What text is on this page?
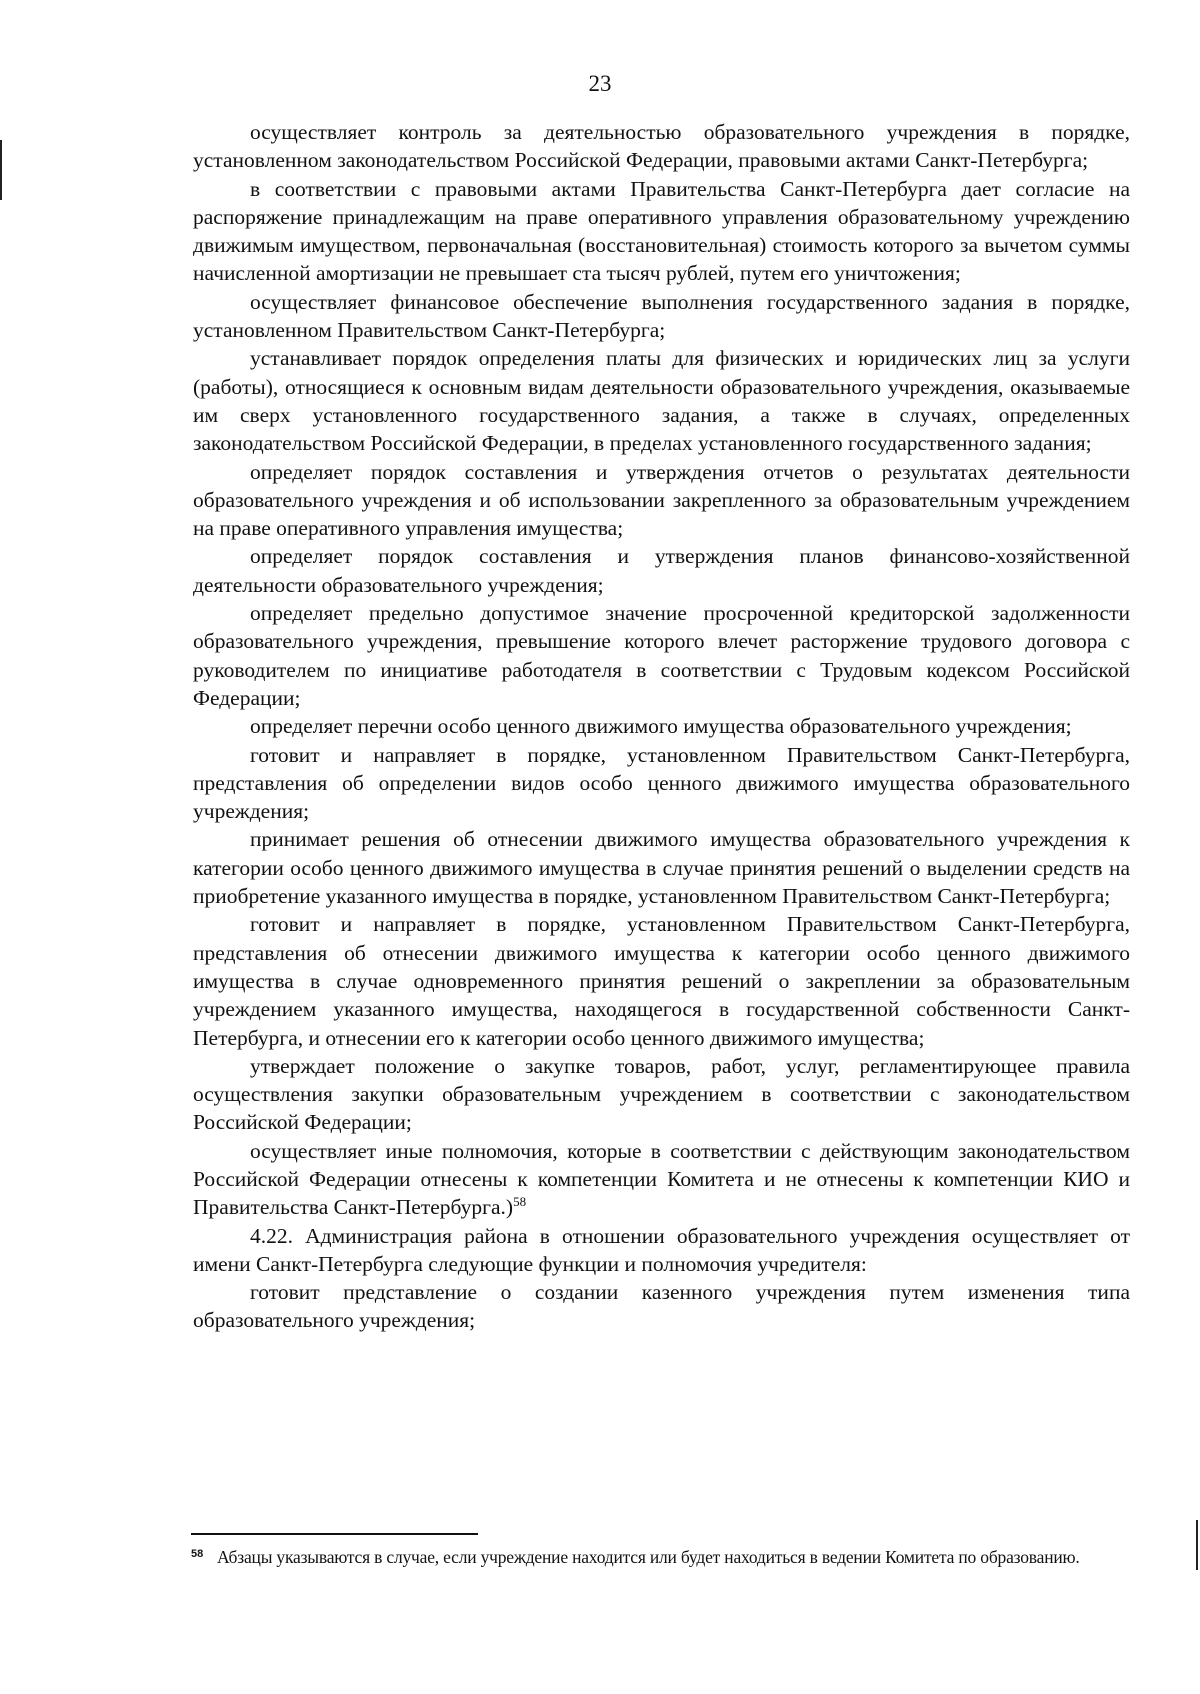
23

осуществляет контроль за деятельностью образовательного учреждения в порядке, установленном законодательством Российской Федерации, правовыми актами Санкт-Петербурга;

в соответствии с правовыми актами Правительства Санкт-Петербурга дает согласие на распоряжение принадлежащим на праве оперативного управления образовательному учреждению движимым имуществом, первоначальная (восстановительная) стоимость которого за вычетом суммы начисленной амортизации не превышает ста тысяч рублей, путем его уничтожения;

осуществляет финансовое обеспечение выполнения государственного задания в порядке, установленном Правительством Санкт-Петербурга;

устанавливает порядок определения платы для физических и юридических лиц за услуги (работы), относящиеся к основным видам деятельности образовательного учреждения, оказываемые им сверх установленного государственного задания, а также в случаях, определенных законодательством Российской Федерации, в пределах установленного государственного задания;

определяет порядок составления и утверждения отчетов о результатах деятельности образовательного учреждения и об использовании закрепленного за образовательным учреждением на праве оперативного управления имущества;

определяет порядок составления и утверждения планов финансово-хозяйственной деятельности образовательного учреждения;

определяет предельно допустимое значение просроченной кредиторской задолженности образовательного учреждения, превышение которого влечет расторжение трудового договора с руководителем по инициативе работодателя в соответствии с Трудовым кодексом Российской Федерации;

определяет перечни особо ценного движимого имущества образовательного учреждения;

готовит и направляет в порядке, установленном Правительством Санкт-Петербурга, представления об определении видов особо ценного движимого имущества образовательного учреждения;

принимает решения об отнесении движимого имущества образовательного учреждения к категории особо ценного движимого имущества в случае принятия решений о выделении средств на приобретение указанного имущества в порядке, установленном Правительством Санкт-Петербурга;

готовит и направляет в порядке, установленном Правительством Санкт-Петербурга, представления об отнесении движимого имущества к категории особо ценного движимого имущества в случае одновременного принятия решений о закреплении за образовательным учреждением указанного имущества, находящегося в государственной собственности Санкт-Петербурга, и отнесении его к категории особо ценного движимого имущества;

утверждает положение о закупке товаров, работ, услуг, регламентирующее правила осуществления закупки образовательным учреждением в соответствии с законодательством Российской Федерации;

осуществляет иные полномочия, которые в соответствии с действующим законодательством Российской Федерации отнесены к компетенции Комитета и не отнесены к компетенции КИО и Правительства Санкт-Петербурга.)$^{58}$

4.22. Администрация района в отношении образовательного учреждения осуществляет от имени Санкт-Петербурга следующие функции и полномочия учредителя:

готовит представление о создании казенного учреждения путем изменения типа образовательного учреждения;

58 Абзацы указываются в случае, если учреждение находится или будет находиться в ведении Комитета по образованию.
